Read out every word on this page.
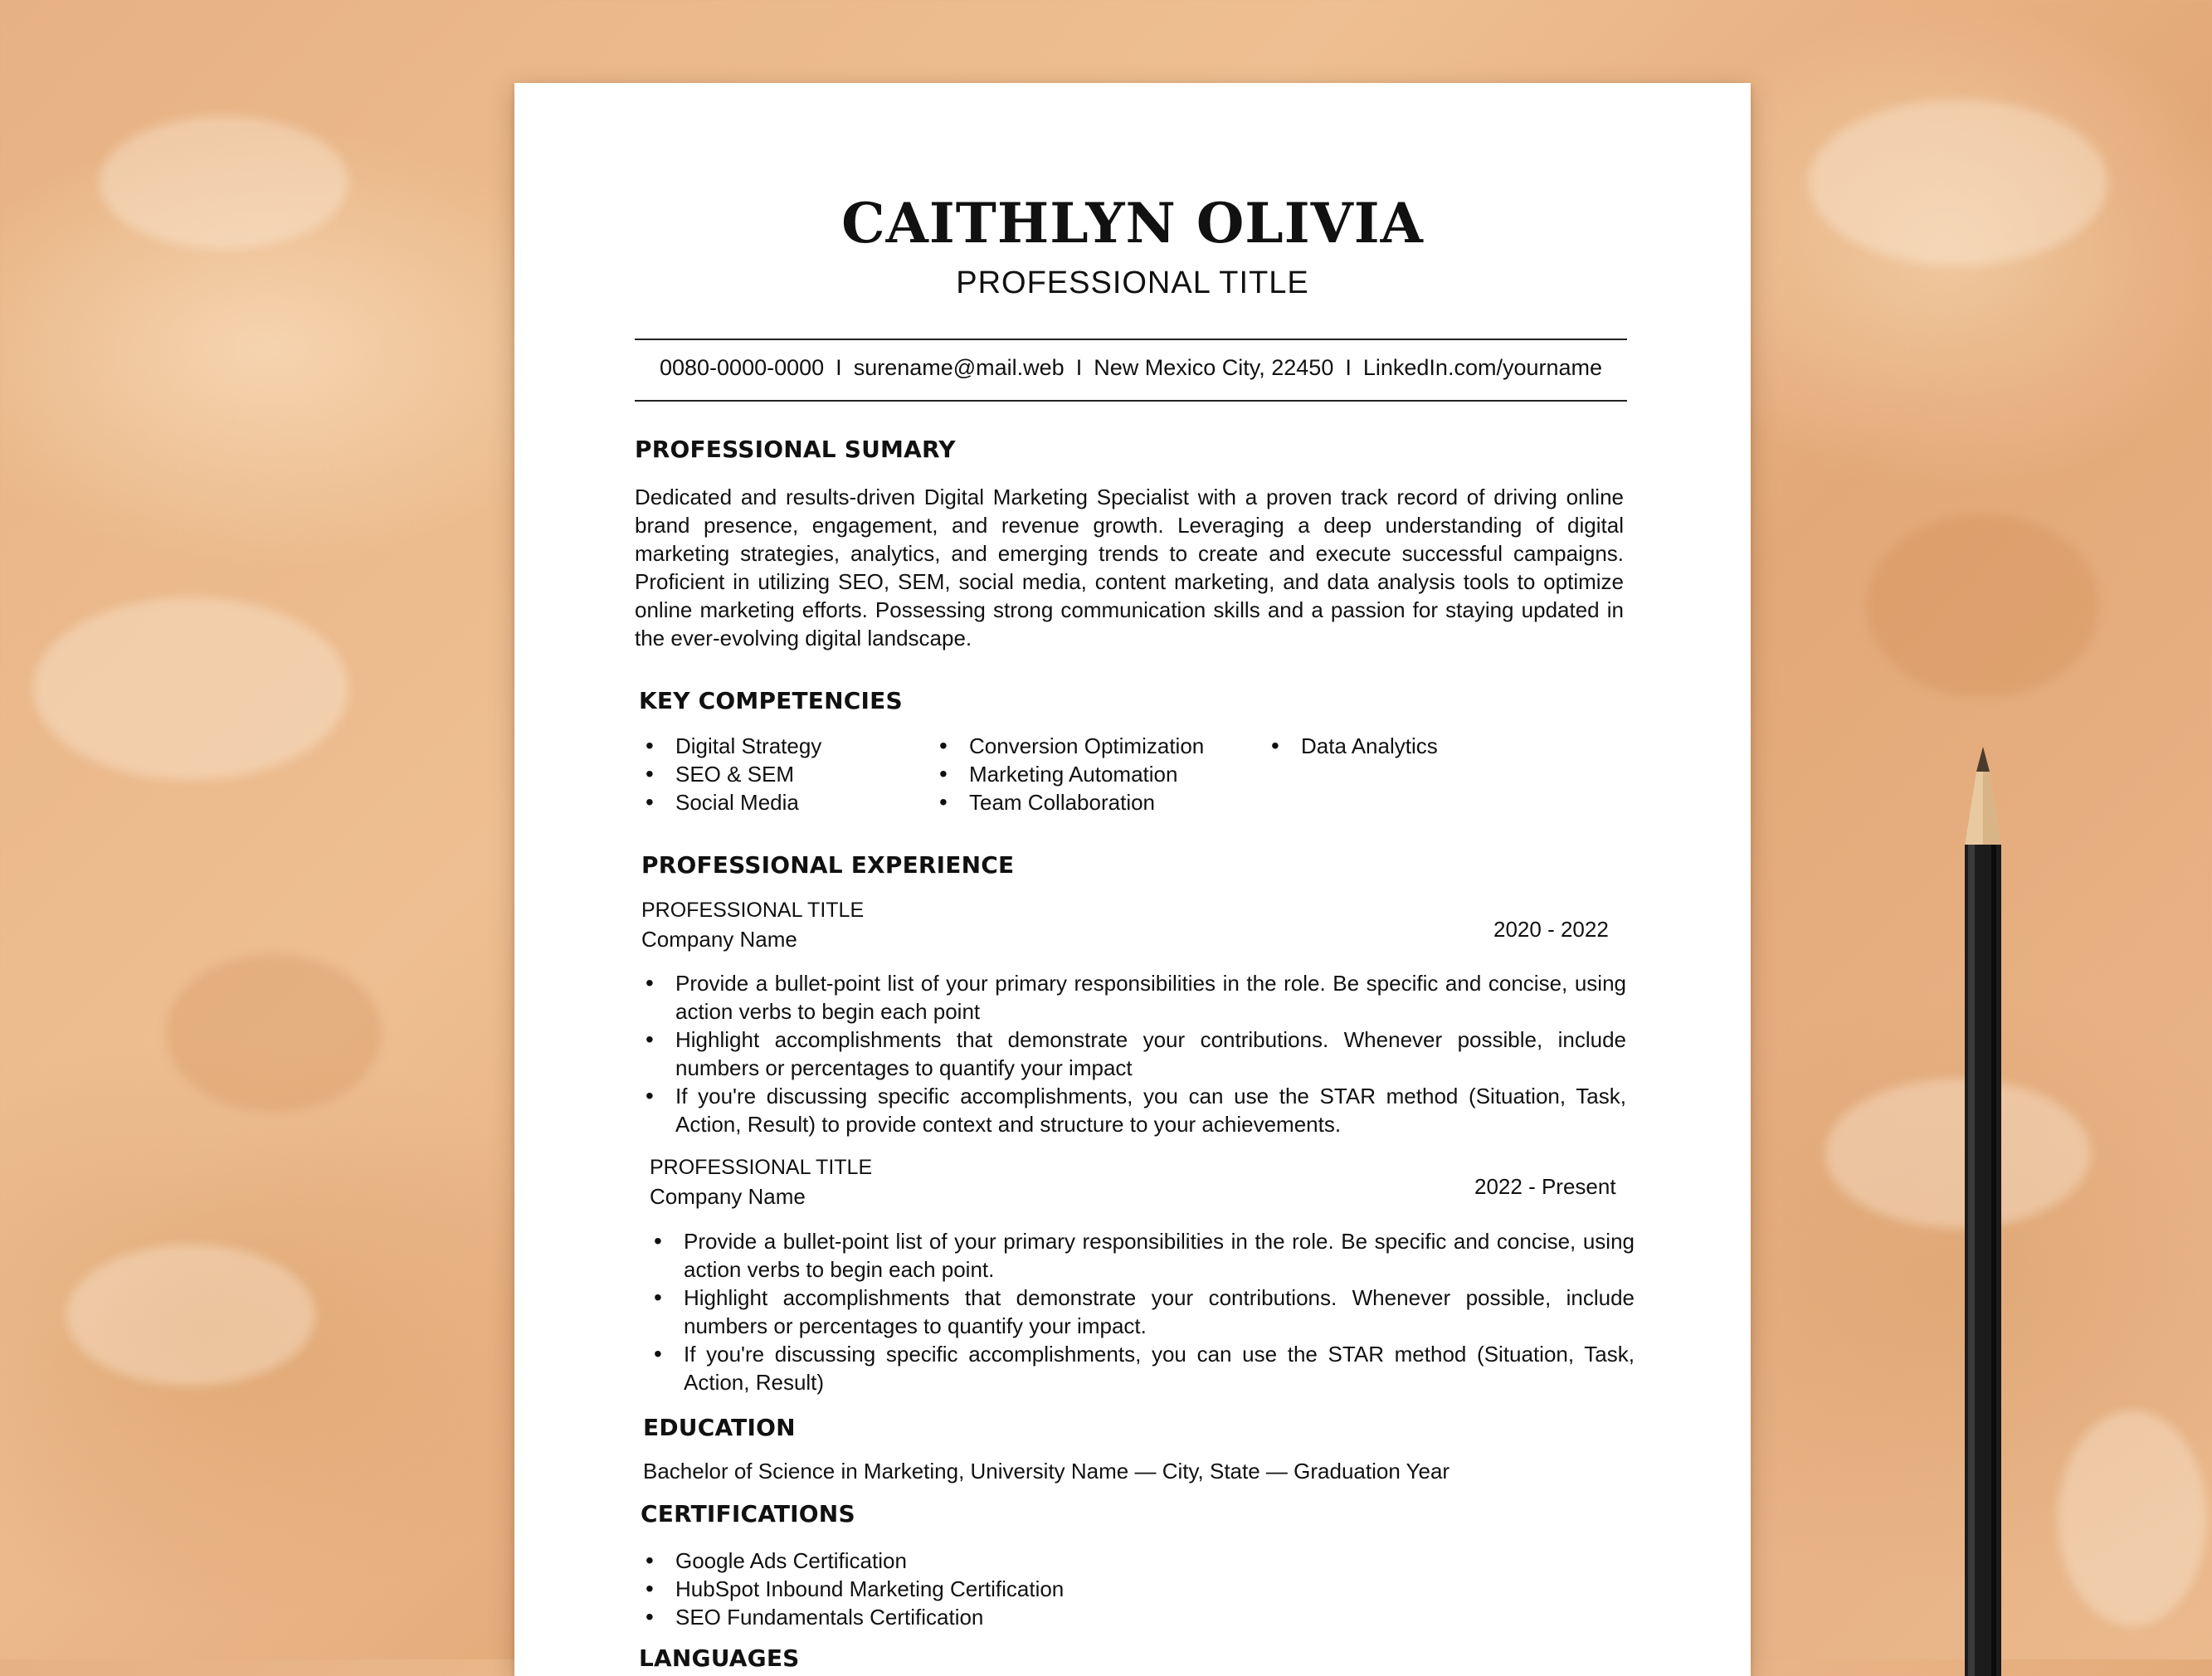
CAITHLYN OLIVIA
PROFESSIONAL TITLE
0080-0000-0000 I surename@mail.web I New Mexico City, 22450 I LinkedIn.com/yourname
PROFESSIONAL SUMARY
Dedicated and results-driven Digital Marketing Specialist with a proven track record of driving online brand presence, engagement, and revenue growth. Leveraging a deep understanding of digital marketing strategies, analytics, and emerging trends to create and execute successful campaigns. Proficient in utilizing SEO, SEM, social media, content marketing, and data analysis tools to optimize online marketing efforts. Possessing strong communication skills and a passion for staying updated in the ever-evolving digital landscape.
KEY COMPETENCIES
• Digital Strategy
• SEO & SEM
• Social Media
• Conversion Optimization
• Marketing Automation
• Team Collaboration
• Data Analytics
PROFESSIONAL EXPERIENCE
PROFESSIONAL TITLE
Company Name	2020 - 2022
• Provide a bullet-point list of your primary responsibilities in the role. Be specific and concise, using action verbs to begin each point
• Highlight accomplishments that demonstrate your contributions. Whenever possible, include numbers or percentages to quantify your impact
• If you're discussing specific accomplishments, you can use the STAR method (Situation, Task, Action, Result) to provide context and structure to your achievements.
PROFESSIONAL TITLE
Company Name	2022 - Present
• Provide a bullet-point list of your primary responsibilities in the role. Be specific and concise, using action verbs to begin each point.
• Highlight accomplishments that demonstrate your contributions. Whenever possible, include numbers or percentages to quantify your impact.
• If you're discussing specific accomplishments, you can use the STAR method (Situation, Task, Action, Result)
EDUCATION
Bachelor of Science in Marketing, University Name — City, State — Graduation Year
CERTIFICATIONS
• Google Ads Certification
• HubSpot Inbound Marketing Certification
• SEO Fundamentals Certification
LANGUAGES
